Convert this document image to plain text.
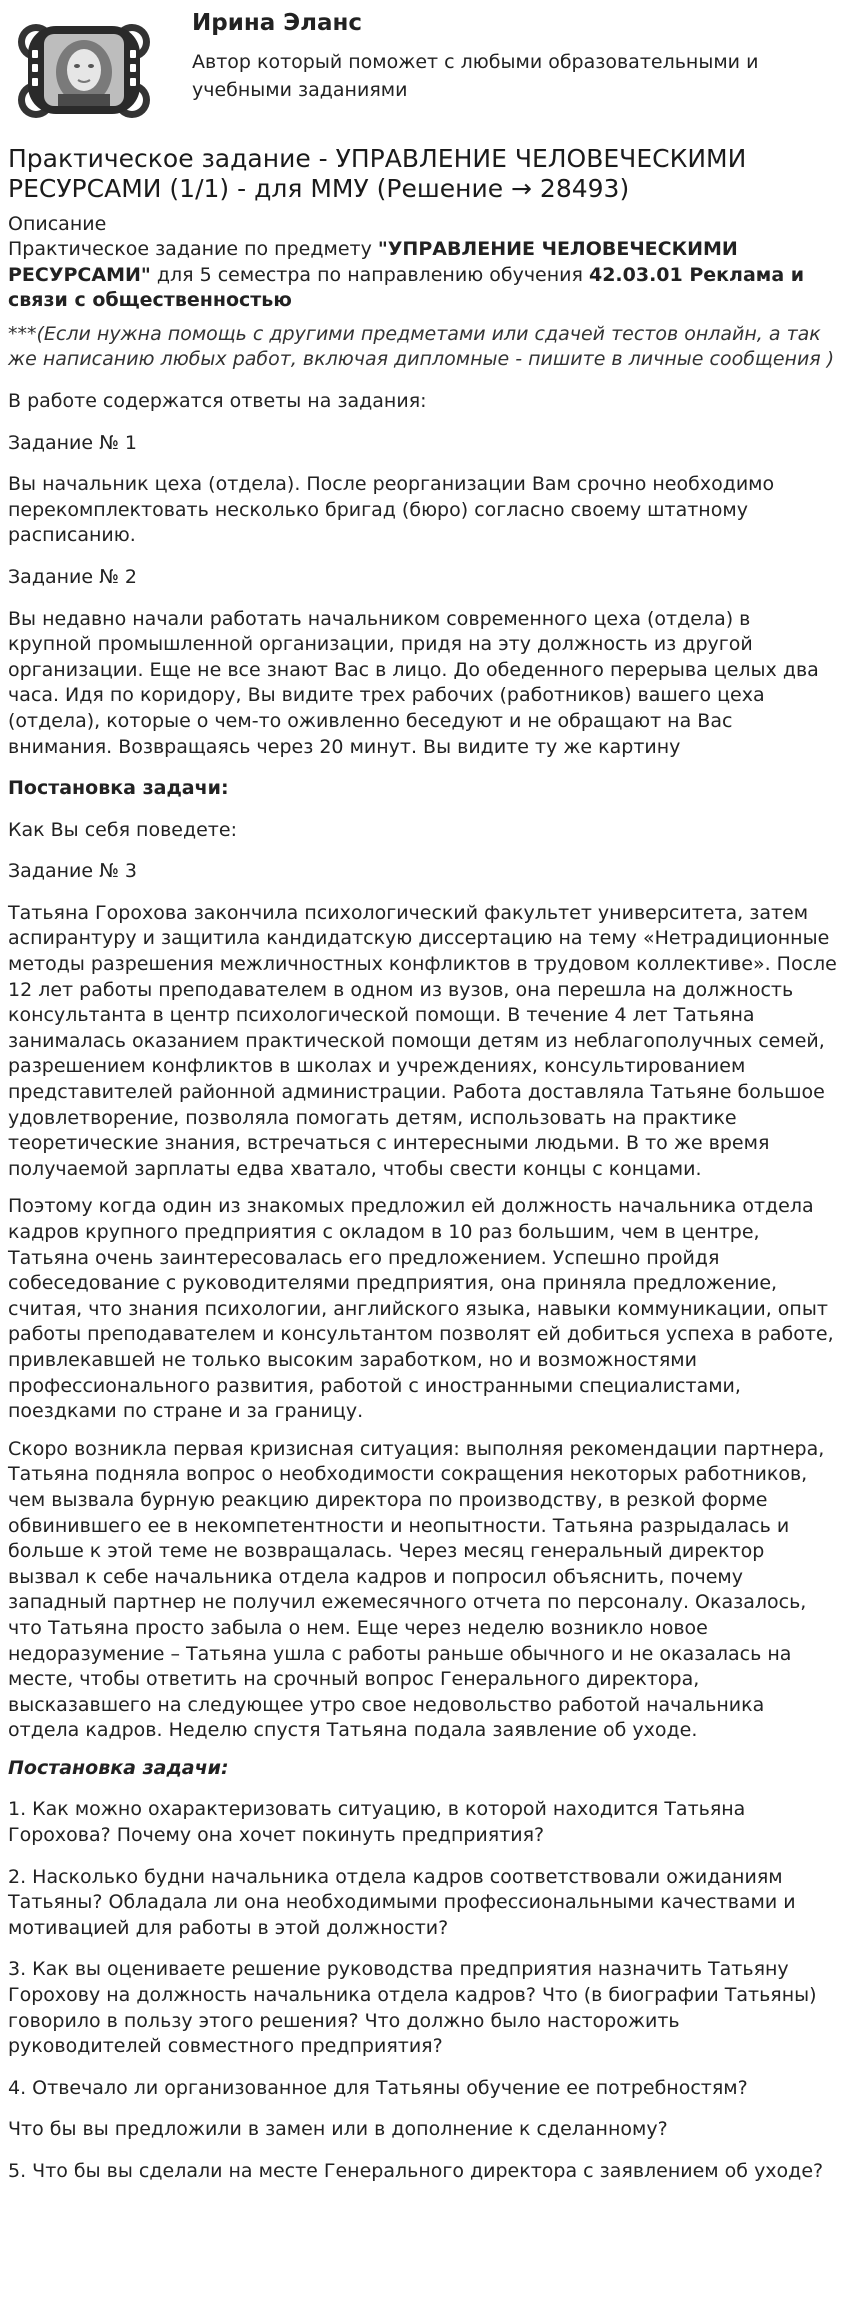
Ирина Эланс
Автор который поможет с любыми образовательными и учебными заданиями
Практическое задание - УПРАВЛЕНИЕ ЧЕЛОВЕЧЕСКИМИ РЕСУРСАМИ (1/1) - для ММУ (Решение → 28493)
Описание

Практическое задание по предмету "УПРАВЛЕНИЕ ЧЕЛОВЕЧЕСКИМИ РЕСУРСАМИ" для 5 семестра по направлению обучения 42.03.01 Реклама и связи с общественностью

***(Если нужна помощь с другими предметами или сдачей тестов онлайн, а так же написанию любых работ, включая дипломные - пишите в личные сообщения )

В работе содержатся ответы на задания:

Задание № 1

Вы начальник цеха (отдела). После реорганизации Вам срочно необходимо перекомплектовать несколько бригад (бюро) согласно своему штатному расписанию.

Задание № 2

Вы недавно начали работать начальником современного цеха (отдела) в крупной промышленной организации, придя на эту должность из другой организации. Еще не все знают Вас в лицо. До обеденного перерыва целых два часа. Идя по коридору, Вы видите трех рабочих (работников) вашего цеха (отдела), которые о чем-то оживленно беседуют и не обращают на Вас внимания. Возвращаясь через 20 минут. Вы видите ту же картину

Постановка задачи:

Как Вы себя поведете:

Задание № 3

Татьяна Горохова закончила психологический факультет университета, затем аспирантуру и защитила кандидатскую диссертацию на тему «Нетрадиционные методы разрешения межличностных конфликтов в трудовом коллективе». После 12 лет работы преподавателем в одном из вузов, она перешла на должность консультанта в центр психологической помощи. В течение 4 лет Татьяна занималась оказанием практической помощи детям из неблагополучных семей, разрешением конфликтов в школах и учреждениях, консультированием представителей районной администрации. Работа доставляла Татьяне большое удовлетворение, позволяла помогать детям, использовать на практике теоретические знания, встречаться с интересными людьми. В то же время получаемой зарплаты едва хватало, чтобы свести концы с концами.

Поэтому когда один из знакомых предложил ей должность начальника отдела кадров крупного предприятия с окладом в 10 раз большим, чем в центре, Татьяна очень заинтересовалась его предложением. Успешно пройдя собеседование с руководителями предприятия, она приняла предложение, считая, что знания психологии, английского языка, навыки коммуникации, опыт работы преподавателем и консультантом позволят ей добиться успеха в работе, привлекавшей не только высоким заработком, но и возможностями профессионального развития, работой с иностранными специалистами, поездками по стране и за границу.

Скоро возникла первая кризисная ситуация: выполняя рекомендации партнера, Татьяна подняла вопрос о необходимости сокращения некоторых работников, чем вызвала бурную реакцию директора по производству, в резкой форме обвинившего ее в некомпетентности и неопытности. Татьяна разрыдалась и больше к этой теме не возвращалась. Через месяц генеральный директор вызвал к себе начальника отдела кадров и попросил объяснить, почему западный партнер не получил ежемесячного отчета по персоналу. Оказалось, что Татьяна просто забыла о нем. Еще через неделю возникло новое недоразумение – Татьяна ушла с работы раньше обычного и не оказалась на месте, чтобы ответить на срочный вопрос Генерального директора, высказавшего на следующее утро свое недовольство работой начальника отдела кадров. Неделю спустя Татьяна подала заявление об уходе.

Постановка задачи:

1. Как можно охарактеризовать ситуацию, в которой находится Татьяна Горохова? Почему она хочет покинуть предприятия?

2. Насколько будни начальника отдела кадров соответствовали ожиданиям Татьяны? Обладала ли она необходимыми профессиональными качествами и мотивацией для работы в этой должности?

3. Как вы оцениваете решение руководства предприятия назначить Татьяну Горохову на должность начальника отдела кадров? Что (в биографии Татьяны) говорило в пользу этого решения? Что должно было насторожить руководителей совместного предприятия?

4. Отвечало ли организованное для Татьяны обучение ее потребностям?

Что бы вы предложили в замен или в дополнение к сделанному?

5. Что бы вы сделали на месте Генерального директора с заявлением об уходе?
